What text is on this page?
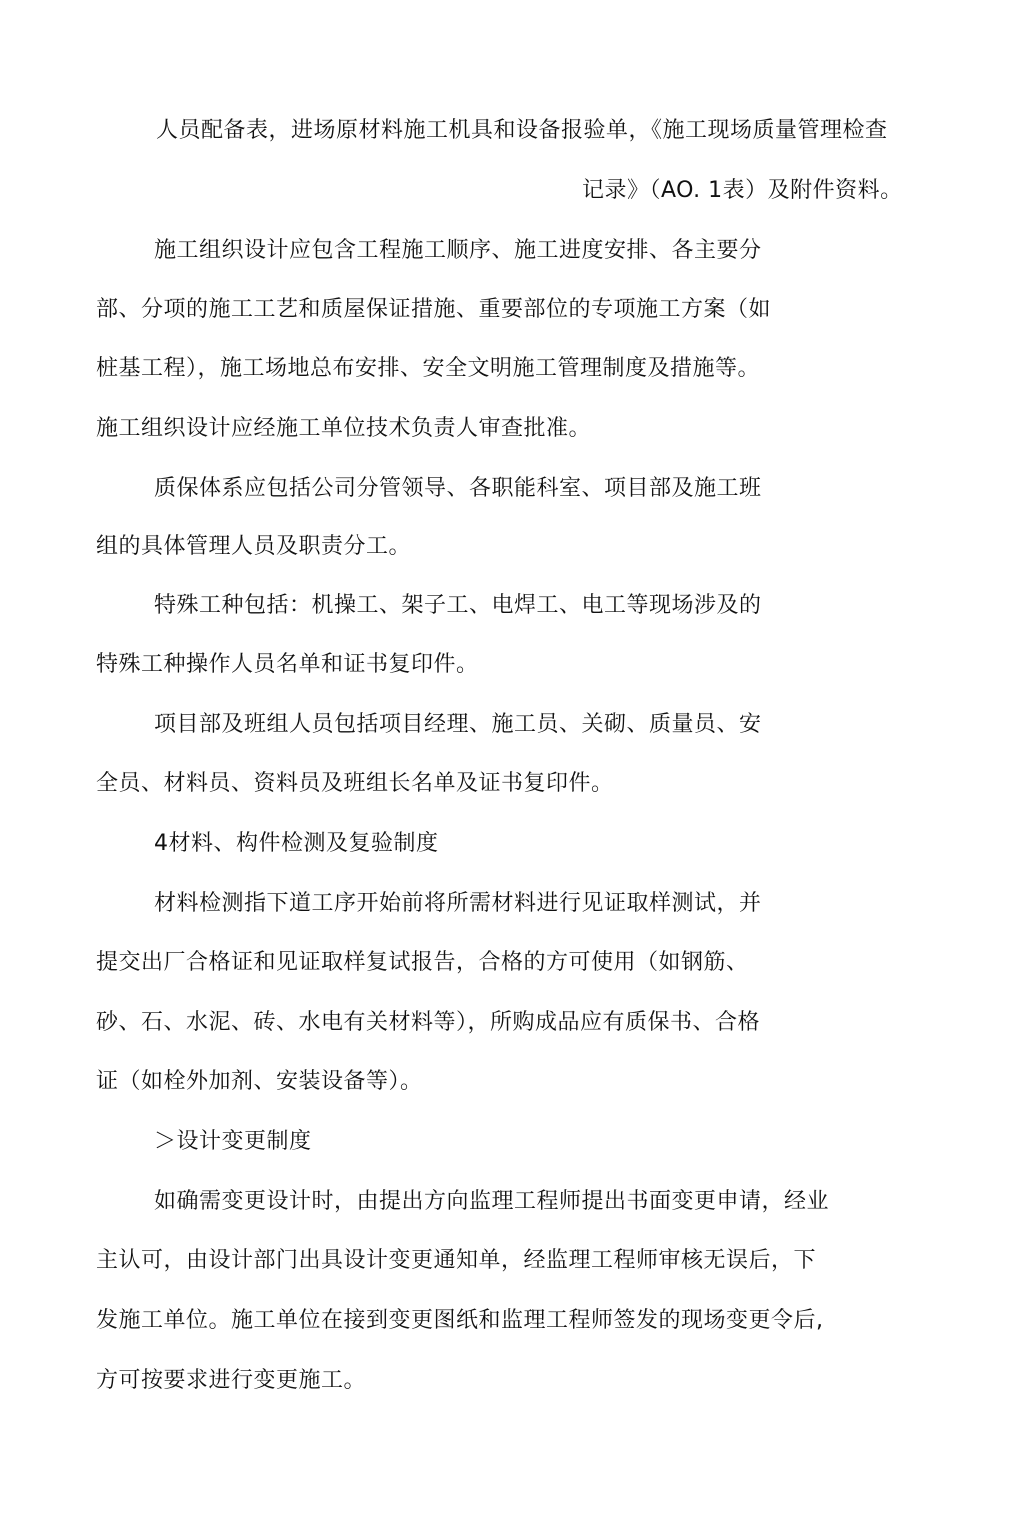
人员配备表，进场原材料施工机具和设备报验单，《施工现场质量管理检查
记录》（AO. 1表）及附件资料。
施工组织设计应包含工程施工顺序、施工进度安排、各主要分
部、分项的施工工艺和质屋保证措施、重要部位的专项施工方案（如
桩基工程），施工场地总布安排、安全文明施工管理制度及措施等。
施工组织设计应经施工单位技术负责人审查批准。
质保体系应包括公司分管领导、各职能科室、项目部及施工班
组的具体管理人员及职责分工。
特殊工种包括：机操工、架子工、电焊工、电工等现场涉及的
特殊工种操作人员名单和证书复印件。
项目部及班组人员包括项目经理、施工员、关砌、质量员、安
全员、材料员、资料员及班组长名单及证书复印件。
4材料、构件检测及复验制度
材料检测指下道工序开始前将所需材料进行见证取样测试，并
提交出厂合格证和见证取样复试报告，合格的方可使用（如钢筋、
砂、石、水泥、砖、水电有关材料等），所购成品应有质保书、合格
证（如栓外加剂、安装设备等）。
＞设计变更制度
如确需变更设计时，由提出方向监理工程师提出书面变更申请，经业
主认可，由设计部门出具设计变更通知单，经监理工程师审核无误后，下
发施工单位。施工单位在接到变更图纸和监理工程师签发的现场变更令后,
方可按要求进行变更施工。
